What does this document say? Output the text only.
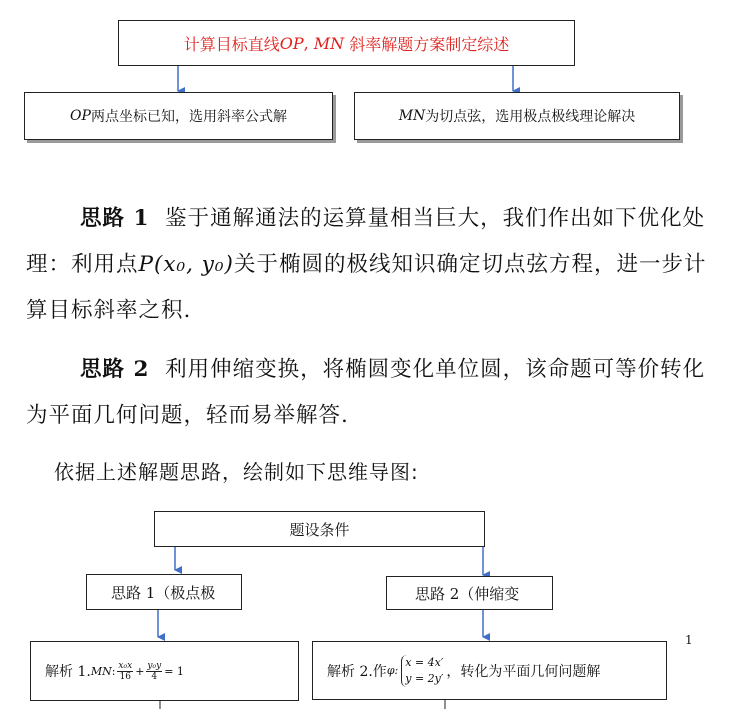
计算目标直线 OP , MN 斜率解题方案制定综述
OP 两点坐标已知，选用斜率公式解	MN 为切点弦，选用极点极线理论解决
思路 1 鉴于通解通法的运算量相当巨大，我们作出如下优化处理：利用点P(x₀, y₀)关于椭圆的极线知识确定切点弦方程，进一步计算目标斜率之积.
思路 2 利用伸缩变换，将椭圆变化单位圆，该命题可等价转化为平面几何问题，轻而易举解答.
依据上述解题思路，绘制如下思维导图:
题设条件
思路 1（极点极	思路 2（伸缩变
解析 1. MN : $\frac{\text{x₀x}}{16} + \frac{\text{y₀y}}{4} = 1$	解析 2.作 φ:
x = 4x′
y = 2y′ ，转化为平面几何问题解
1
